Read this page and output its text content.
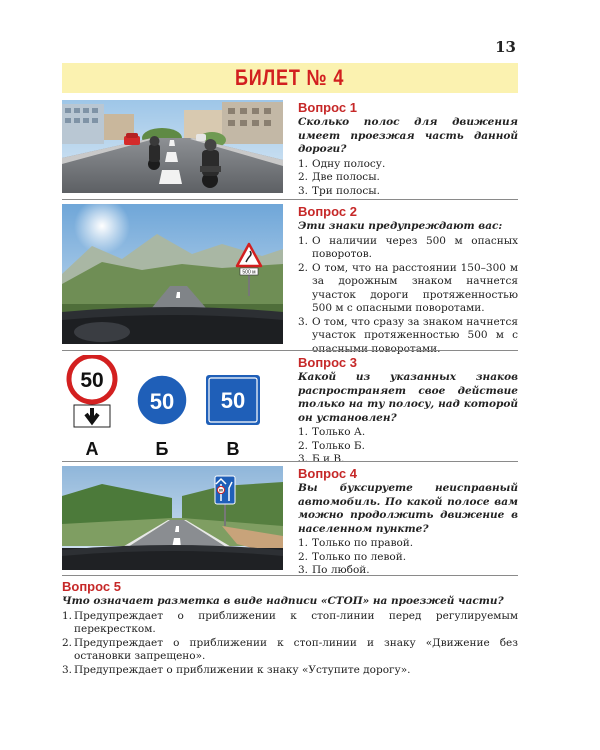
13
БИЛЕТ № 4
Вопрос 1
Сколько полос для движения имеет проезжая часть данной дороги?
1. Одну полосу.
2. Две полосы.
3. Три полосы.
500 м
Вопрос 2
Эти знаки предупреждают вас:
1. О наличии через 500 м опасных поворотов.
2. О том, что на расстоянии 150–300 м за дорожным знаком начнется участок дороги протяженностью 500 м с опасными поворотами.
3. О том, что сразу за знаком начнется участок протяженностью 500 м с опасными поворотами.
50
А
50
Б
50
В
Вопрос 3
Какой из указанных знаков распространяет свое действие только на ту полосу, над которой он установлен?
1. Только А.
2. Только Б.
3. Б и В.
60
Вопрос 4
Вы буксируете неисправный автомобиль. По какой полосе вам можно продолжить движение в населенном пункте?
1. Только по правой.
2. Только по левой.
3. По любой.
Вопрос 5
Что означает разметка в виде надписи «СТОП» на проезжей части?
1. Предупреждает о приближении к стоп-линии перед регулируемым перекрестком.
2. Предупреждает о приближении к стоп-линии и знаку «Движение без остановки запрещено».
3. Предупреждает о приближении к знаку «Уступите дорогу».
